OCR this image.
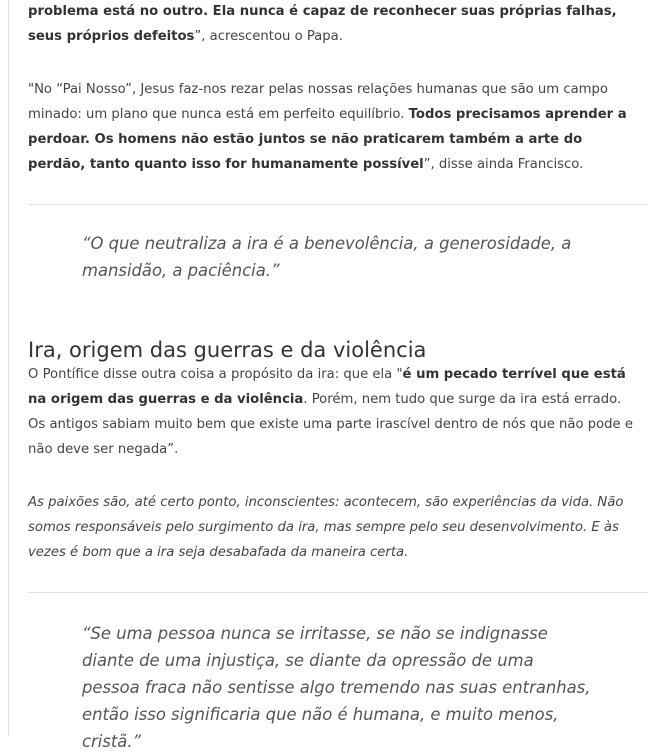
problema está no outro. Ela nunca é capaz de reconhecer suas próprias falhas, seus próprios defeitos”, acrescentou o Papa.

"No “Pai Nosso”, Jesus faz-nos rezar pelas nossas relações humanas que são um campo minado: um plano que nunca está em perfeito equilíbrio. Todos precisamos aprender a perdoar. Os homens não estão juntos se não praticarem também a arte do perdão, tanto quanto isso for humanamente possível”, disse ainda Francisco.

“O que neutraliza a ira é a benevolência, a generosidade, a mansidão, a paciência.”
Ira, origem das guerras e da violência

O Pontífice disse outra coisa a propósito da ira: que ela "é um pecado terrível que está na origem das guerras e da violência. Porém, nem tudo que surge da ira está errado. Os antigos sabiam muito bem que existe uma parte irascível dentro de nós que não pode e não deve ser negada”.

As paixões são, até certo ponto, inconscientes: acontecem, são experiências da vida. Não somos responsáveis pelo surgimento da ira, mas sempre pelo seu desenvolvimento. E às vezes é bom que a ira seja desabafada da maneira certa.

“Se uma pessoa nunca se irritasse, se não se indignasse diante de uma injustiça, se diante da opressão de uma pessoa fraca não sentisse algo tremendo nas suas entranhas, então isso significaria que não é humana, e muito menos, cristã.”
